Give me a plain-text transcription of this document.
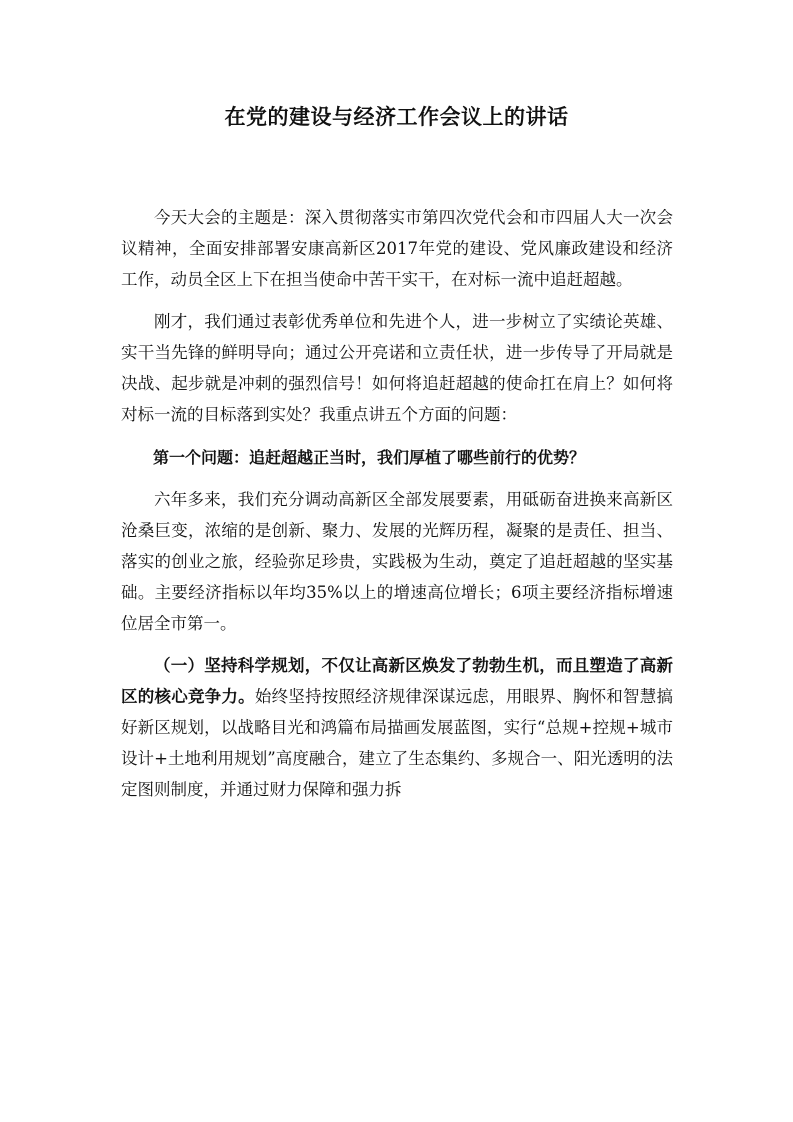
在党的建设与经济工作会议上的讲话

今天大会的主题是：深入贯彻落实市第四次党代会和市四届人大一次会议精神，全面安排部署安康高新区2017年党的建设、党风廉政建设和经济工作，动员全区上下在担当使命中苦干实干，在对标一流中追赶超越。

刚才，我们通过表彰优秀单位和先进个人，进一步树立了实绩论英雄、实干当先锋的鲜明导向；通过公开亮诺和立责任状，进一步传导了开局就是决战、起步就是冲刺的强烈信号！如何将追赶超越的使命扛在肩上？如何将对标一流的目标落到实处？我重点讲五个方面的问题：

第一个问题：追赶超越正当时，我们厚植了哪些前行的优势？

六年多来，我们充分调动高新区全部发展要素，用砥砺奋进换来高新区沧桑巨变，浓缩的是创新、聚力、发展的光辉历程，凝聚的是责任、担当、落实的创业之旅，经验弥足珍贵，实践极为生动，奠定了追赶超越的坚实基础。主要经济指标以年均35%以上的增速高位增长；6项主要经济指标增速位居全市第一。

（一）坚持科学规划，不仅让高新区焕发了勃勃生机，而且塑造了高新区的核心竞争力。始终坚持按照经济规律深谋远虑，用眼界、胸怀和智慧搞好新区规划，以战略目光和鸿篇布局描画发展蓝图，实行“总规+控规+城市设计+土地利用规划”高度融合，建立了生态集约、多规合一、阳光透明的法定图则制度，并通过财力保障和强力拆
